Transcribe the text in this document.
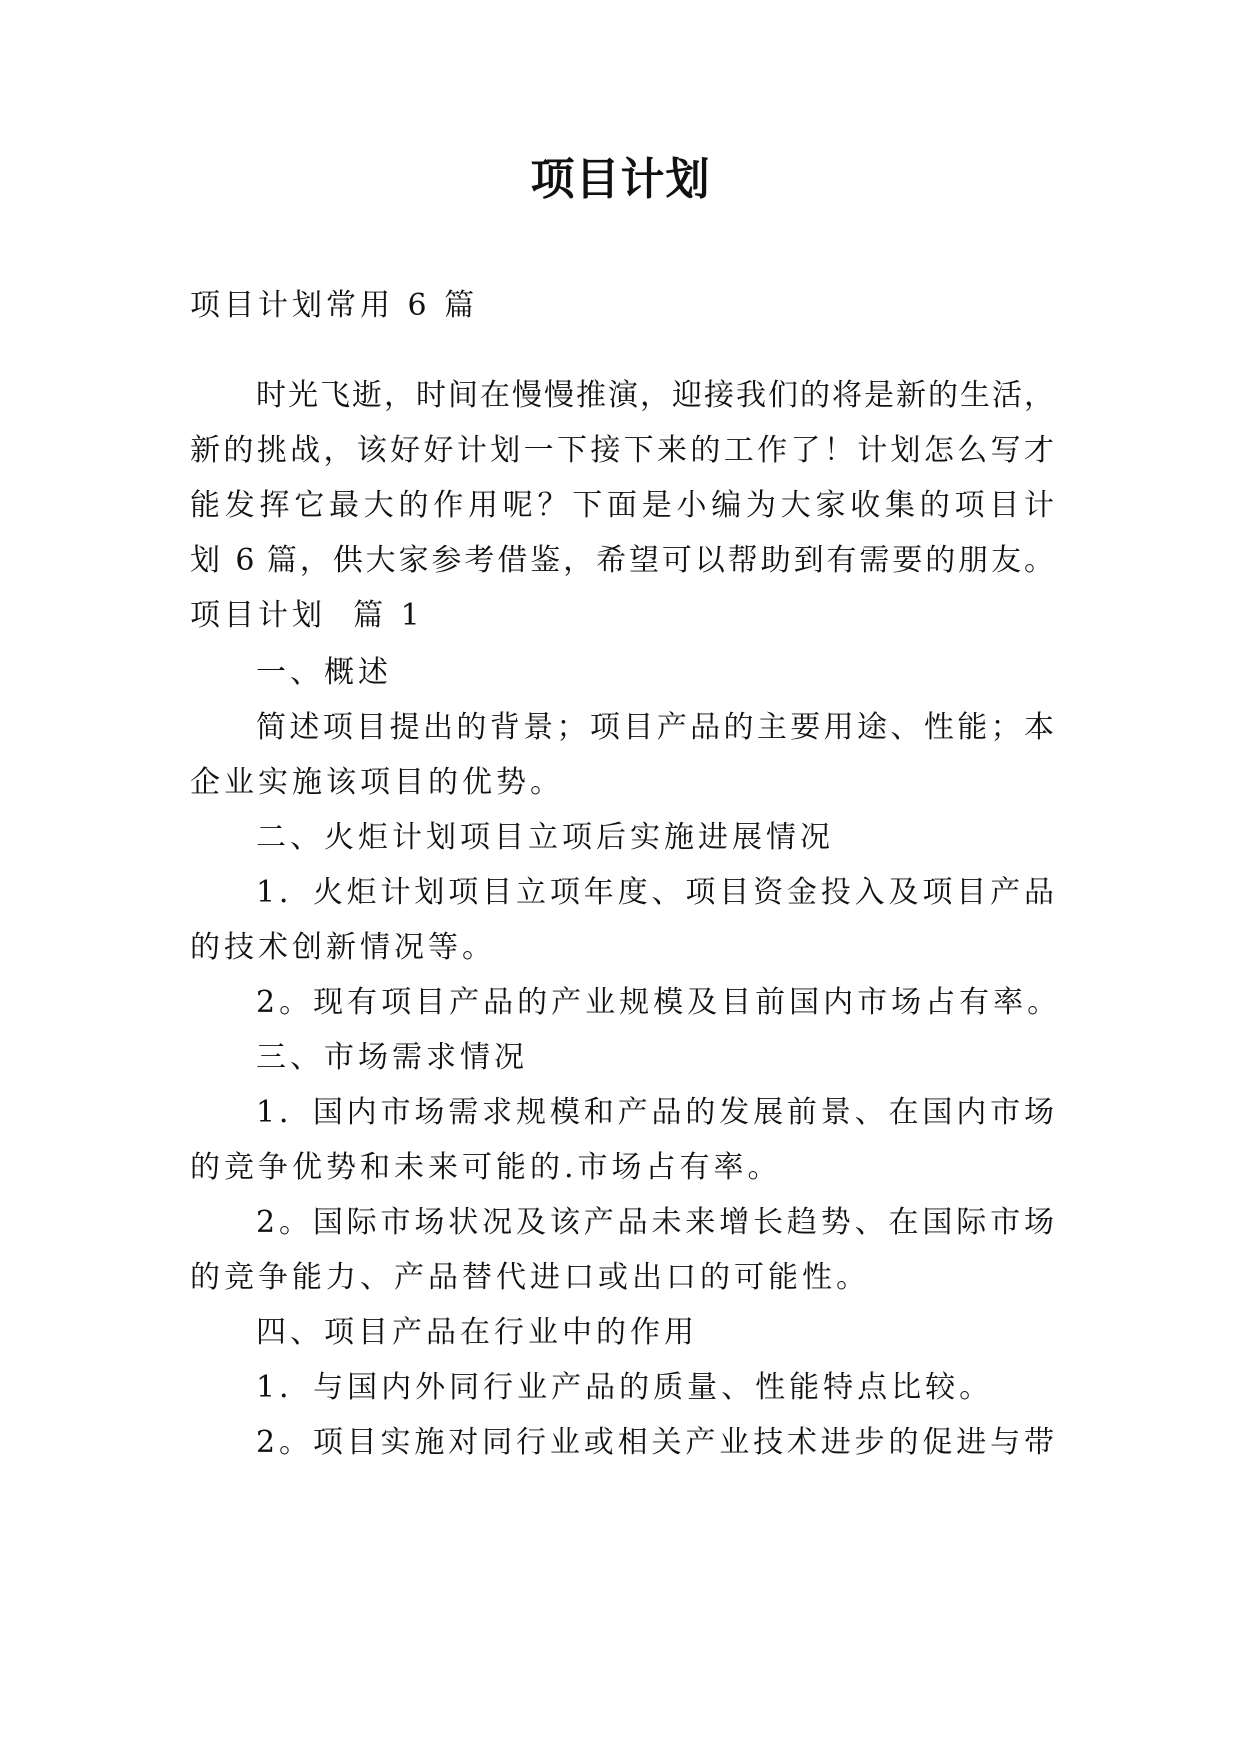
项目计划
项目计划常用 6 篇
时光飞逝，时间在慢慢推演，迎接我们的将是新的生活，
新的挑战，该好好计划一下接下来的工作了！计划怎么写才
能发挥它最大的作用呢？下面是小编为大家收集的项目计
划 6 篇，供大家参考借鉴，希望可以帮助到有需要的朋友。
项目计划  篇 1
一、概述
简述项目提出的背景；项目产品的主要用途、性能；本
企业实施该项目的优势。
二、火炬计划项目立项后实施进展情况
1．火炬计划项目立项年度、项目资金投入及项目产品
的技术创新情况等。
2。现有项目产品的产业规模及目前国内市场占有率。
三、市场需求情况
1．国内市场需求规模和产品的发展前景、在国内市场
的竞争优势和未来可能的.市场占有率。
2。国际市场状况及该产品未来增长趋势、在国际市场
的竞争能力、产品替代进口或出口的可能性。
四、项目产品在行业中的作用
1．与国内外同行业产品的质量、性能特点比较。
2。项目实施对同行业或相关产业技术进步的促进与带
